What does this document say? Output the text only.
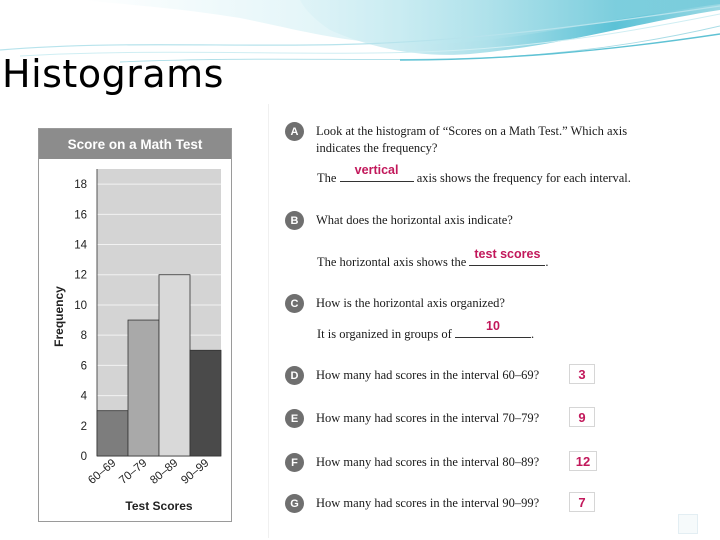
Histograms
0
2
4
6
8
10
12
14
16
18
60–69
70–79
80–89
90–99
Test Scores
Frequency
Score on a Math Test
A	Look at the histogram of “Scores on a Math Test.” Which axis
indicates the frequency?
The
vertical
axis shows the frequency for each interval.
B	What does the horizontal axis indicate?
The horizontal axis shows the
test scores
.
C	How is the horizontal axis organized?
It is organized in groups of
10
.
D	How many had scores in the interval 60–69?	3
E	How many had scores in the interval 70–79?	9
F	How many had scores in the interval 80–89?	12
G	How many had scores in the interval 90–99?	7
